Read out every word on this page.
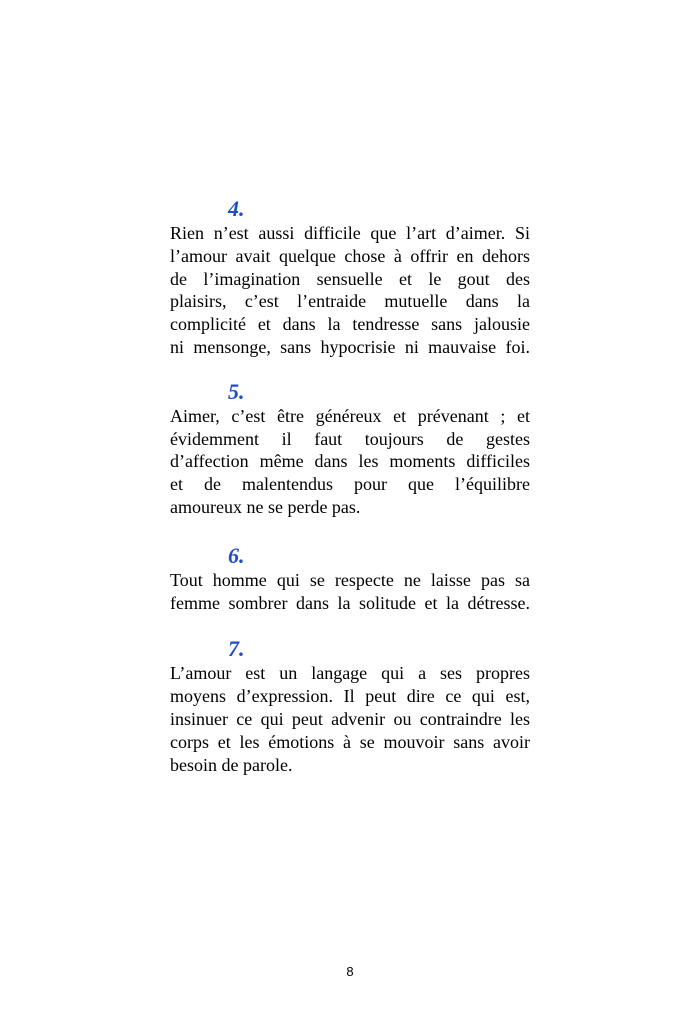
4.
Rien n’est aussi difficile que l’art d’aimer. Si
l’amour avait quelque chose à offrir en dehors
de l’imagination sensuelle et le gout des
plaisirs, c’est l’entraide mutuelle dans la
complicité et dans la tendresse sans jalousie
ni mensonge, sans hypocrisie ni mauvaise foi.
5.
Aimer, c’est être généreux et prévenant ; et
évidemment il faut toujours de gestes
d’affection même dans les moments difficiles
et de malentendus pour que l’équilibre
amoureux ne se perde pas.
6.
Tout homme qui se respecte ne laisse pas sa
femme sombrer dans la solitude et la détresse.
7.
L’amour est un langage qui a ses propres
moyens d’expression. Il peut dire ce qui est,
insinuer ce qui peut advenir ou contraindre les
corps et les émotions à se mouvoir sans avoir
besoin de parole.
8
